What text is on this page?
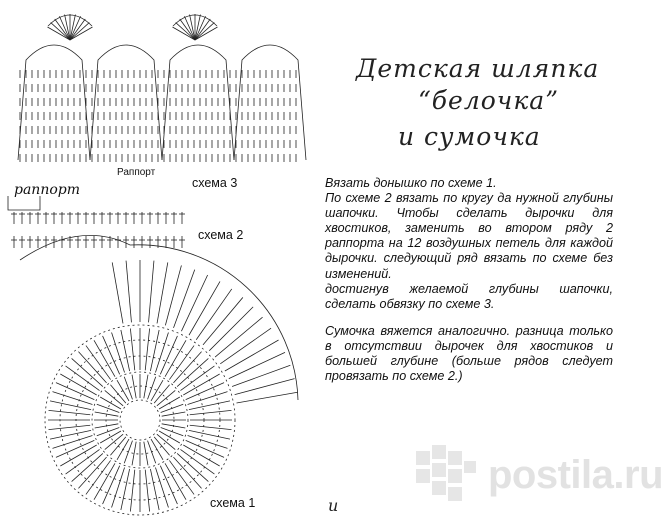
Раппорт
раппорт	схема 3
схема 2
схема 1
Детская шляпка
“белочка”
и сумочка

Вязать донышко по схеме 1.

По схеме 2 вязать по кругу да нужной глубины шапочки. Чтобы сделать дырочки для хвостиков, заменить во втором ряду 2 раппорта на 12 воздушных петель для каждой дырочки. следующий ряд вязать по схеме без изменений.

достигнув желаемой глубины шапочки, сделать обвязку по схеме 3.

Сумочка вяжется аналогично. разница только в отсутствии дырочек для хвостиков и большей глубине (больше рядов следует провязать по схеме 2.)

и
postila.ru
